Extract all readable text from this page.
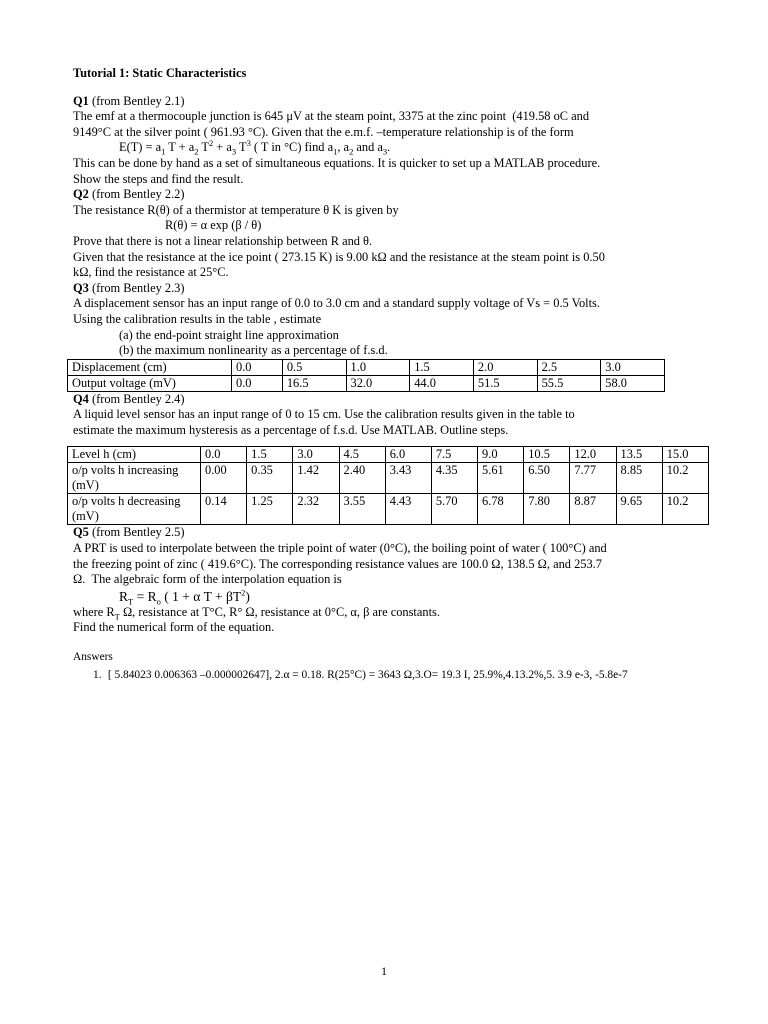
Tutorial 1: Static Characteristics

Q1 (from Bentley 2.1)

The emf at a thermocouple junction is 645 μV at the steam point, 3375 at the zinc point  (419.58 oC and

9149°C at the silver point ( 961.93 °C). Given that the e.m.f. –temperature relationship is of the form

$E(T) = a_1$ $T + a_2$ $T^2 + a_3$ $T^3$ ( T in °C) find $a_1$, $a_2$ and $a_3$.

This can be done by hand as a set of simultaneous equations. It is quicker to set up a MATLAB procedure.

Show the steps and find the result.

Q2 (from Bentley 2.2)

The resistance R(θ) of a thermistor at temperature θ K is given by

R(θ) = α exp (β / θ)

Prove that there is not a linear relationship between R and θ.

Given that the resistance at the ice point ( 273.15 K) is 9.00 kΩ and the resistance at the steam point is 0.50

kΩ, find the resistance at 25°C.

Q3 (from Bentley 2.3)

A displacement sensor has an input range of 0.0 to 3.0 cm and a standard supply voltage of Vs = 0.5 Volts.

Using the calibration results in the table , estimate

(a) the end-point straight line approximation
(b) the maximum nonlinearity as a percentage of f.s.d.
Displacement (cm)	0.0	0.5	1.0	1.5	2.0	2.5	3.0
Output voltage (mV)	0.0	16.5	32.0	44.0	51.5	55.5	58.0

Q4 (from Bentley 2.4)

A liquid level sensor has an input range of 0 to 15 cm. Use the calibration results given in the table to

estimate the maximum hysteresis as a percentage of f.s.d. Use MATLAB. Outline steps.

Level h (cm)	0.0	1.5	3.0	4.5	6.0	7.5	9.0	10.5	12.0	13.5	15.0
o/p volts h increasing (mV)	0.00	0.35	1.42	2.40	3.43	4.35	5.61	6.50	7.77	8.85	10.2
o/p volts h decreasing (mV)	0.14	1.25	2.32	3.55	4.43	5.70	6.78	7.80	8.87	9.65	10.2

Q5 (from Bentley 2.5)

A PRT is used to interpolate between the triple point of water (0°C), the boiling point of water ( 100°C) and

the freezing point of zinc ( 419.6°C). The corresponding resistance values are 100.0 Ω, 138.5 Ω, and 253.7

Ω.  The algebraic form of the interpolation equation is

$R_T = R_o$ ( 1 + α $T + \beta T^2$)

where $R_T$ Ω, resistance at T°C, R° Ω, resistance at 0°C, α, β are constants.

Find the numerical form of the equation.

Answers

1. [ 5.84023 0.006363 –0.000002647], 2.α = 0.18. R(25°C) = 3643 Ω,3.O= 19.3 I, 25.9%,4.13.2%,5. 3.9 e-3, -5.8e-7
1
